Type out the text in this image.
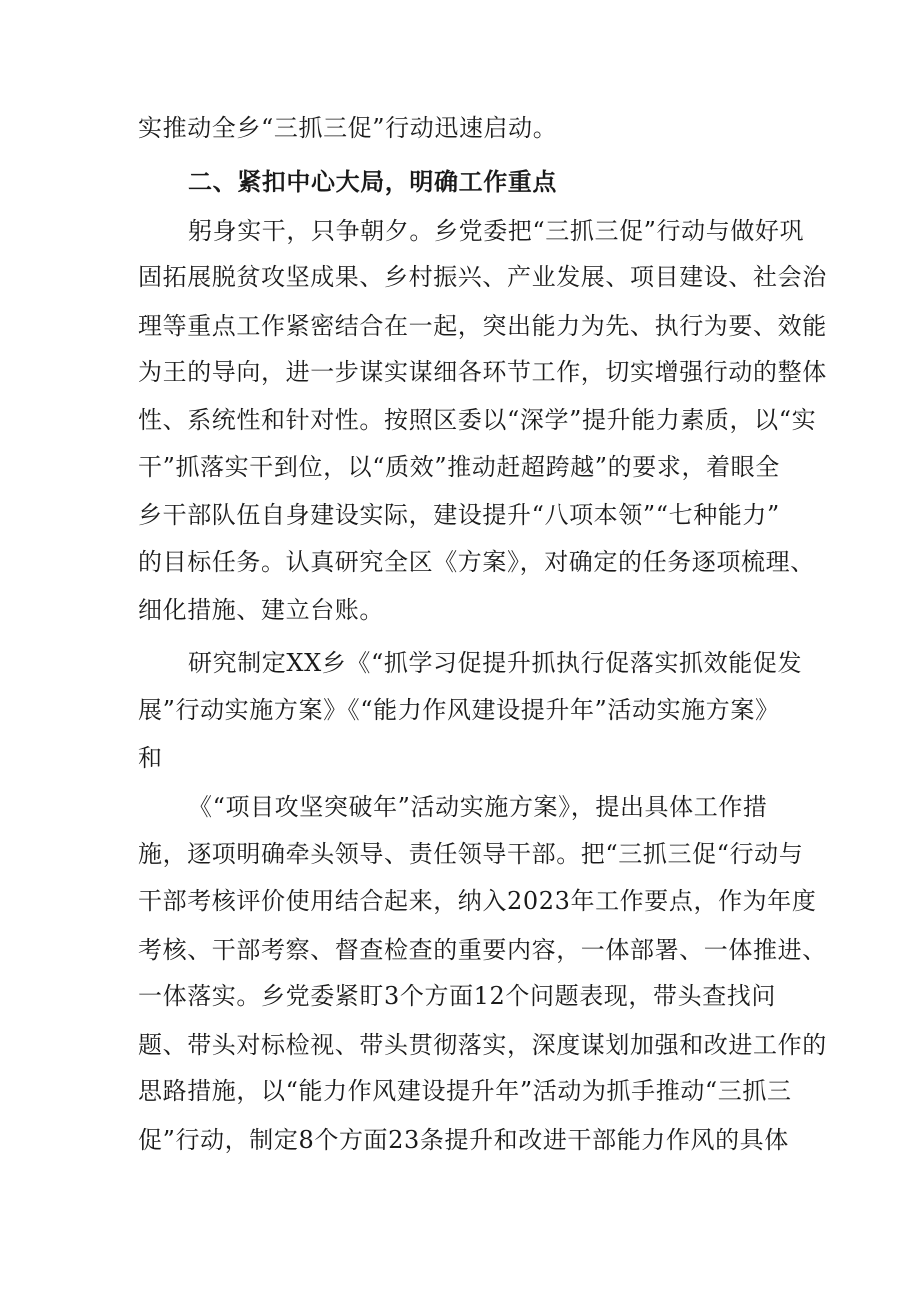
实推动全乡“三抓三促”行动迅速启动。
二、紧扣中心大局，明确工作重点
躬身实干，只争朝夕。乡党委把“三抓三促”行动与做好巩
固拓展脱贫攻坚成果、乡村振兴、产业发展、项目建设、社会治
理等重点工作紧密结合在一起，突出能力为先、执行为要、效能
为王的导向，进一步谋实谋细各环节工作，切实增强行动的整体
性、系统性和针对性。按照区委以“深学”提升能力素质，以“实
干”抓落实干到位，以“质效”推动赶超跨越”的要求，着眼全
乡干部队伍自身建设实际，建设提升“八项本领”“七种能力”
的目标任务。认真研究全区《方案》，对确定的任务逐项梳理、
细化措施、建立台账。
研究制定XX乡《“抓学习促提升抓执行促落实抓效能促发
展”行动实施方案》《“能力作风建设提升年”活动实施方案》
和
《“项目攻坚突破年”活动实施方案》，提出具体工作措
施，逐项明确牵头领导、责任领导干部。把“三抓三促“行动与
干部考核评价使用结合起来，纳入2023年工作要点，作为年度
考核、干部考察、督查检查的重要内容，一体部署、一体推进、
一体落实。乡党委紧盯3个方面12个问题表现，带头查找问
题、带头对标检视、带头贯彻落实，深度谋划加强和改进工作的
思路措施，以“能力作风建设提升年”活动为抓手推动“三抓三
促”行动，制定8个方面23条提升和改进干部能力作风的具体
